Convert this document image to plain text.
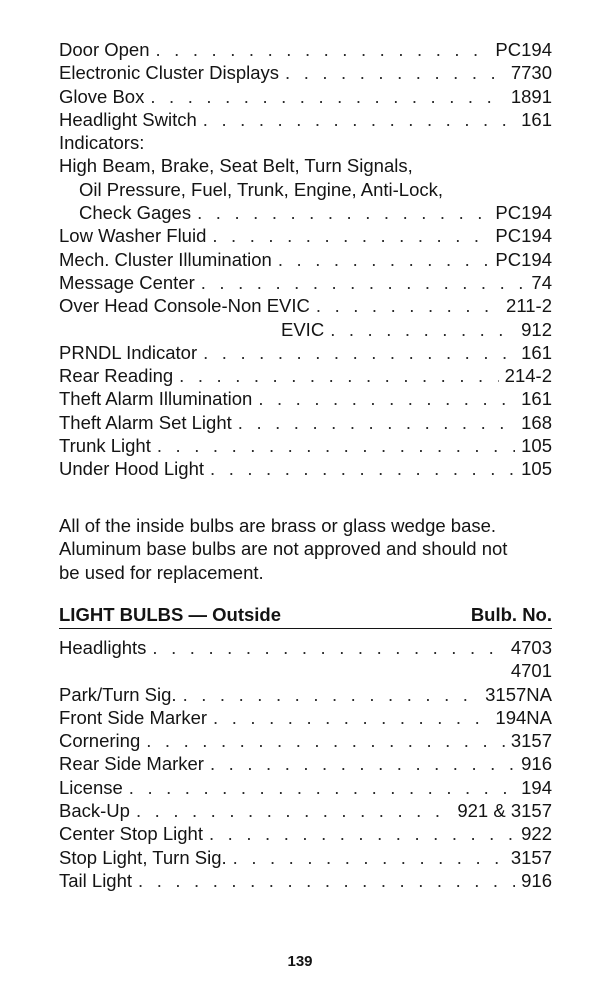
Door Open . . .	PC194
Electronic Cluster Displays . . .	7730
Glove Box . . .	1891
Headlight Switch . . .	161
Indicators:
High Beam, Brake, Seat Belt, Turn Signals,
Oil Pressure, Fuel, Trunk, Engine, Anti-Lock,
Check Gages . . .	PC194
Low Washer Fluid . . .	PC194
Mech. Cluster Illumination . . .	PC194
Message Center . . .	74
Over Head Console-Non EVIC . . .	211-2
EVIC . . .	912
PRNDL Indicator . . .	161
Rear Reading . . .	214-2
Theft Alarm Illumination . . .	161
Theft Alarm Set Light . . .	168
Trunk Light . . .	105
Under Hood Light . . .	105
All of the inside bulbs are brass or glass wedge base.
Aluminum base bulbs are not approved and should not
be used for replacement.
LIGHT BULBS — Outside	Bulb. No.
Headlights . . .	4703
4701
Park/Turn Sig. . . .	3157NA
Front Side Marker . . .	194NA
Cornering . . .	3157
Rear Side Marker . . .	916
License . . .	194
Back-Up . . .	921 & 3157
Center Stop Light . . .	922
Stop Light, Turn Sig. . . .	3157
Tail Light . . .	916
139
